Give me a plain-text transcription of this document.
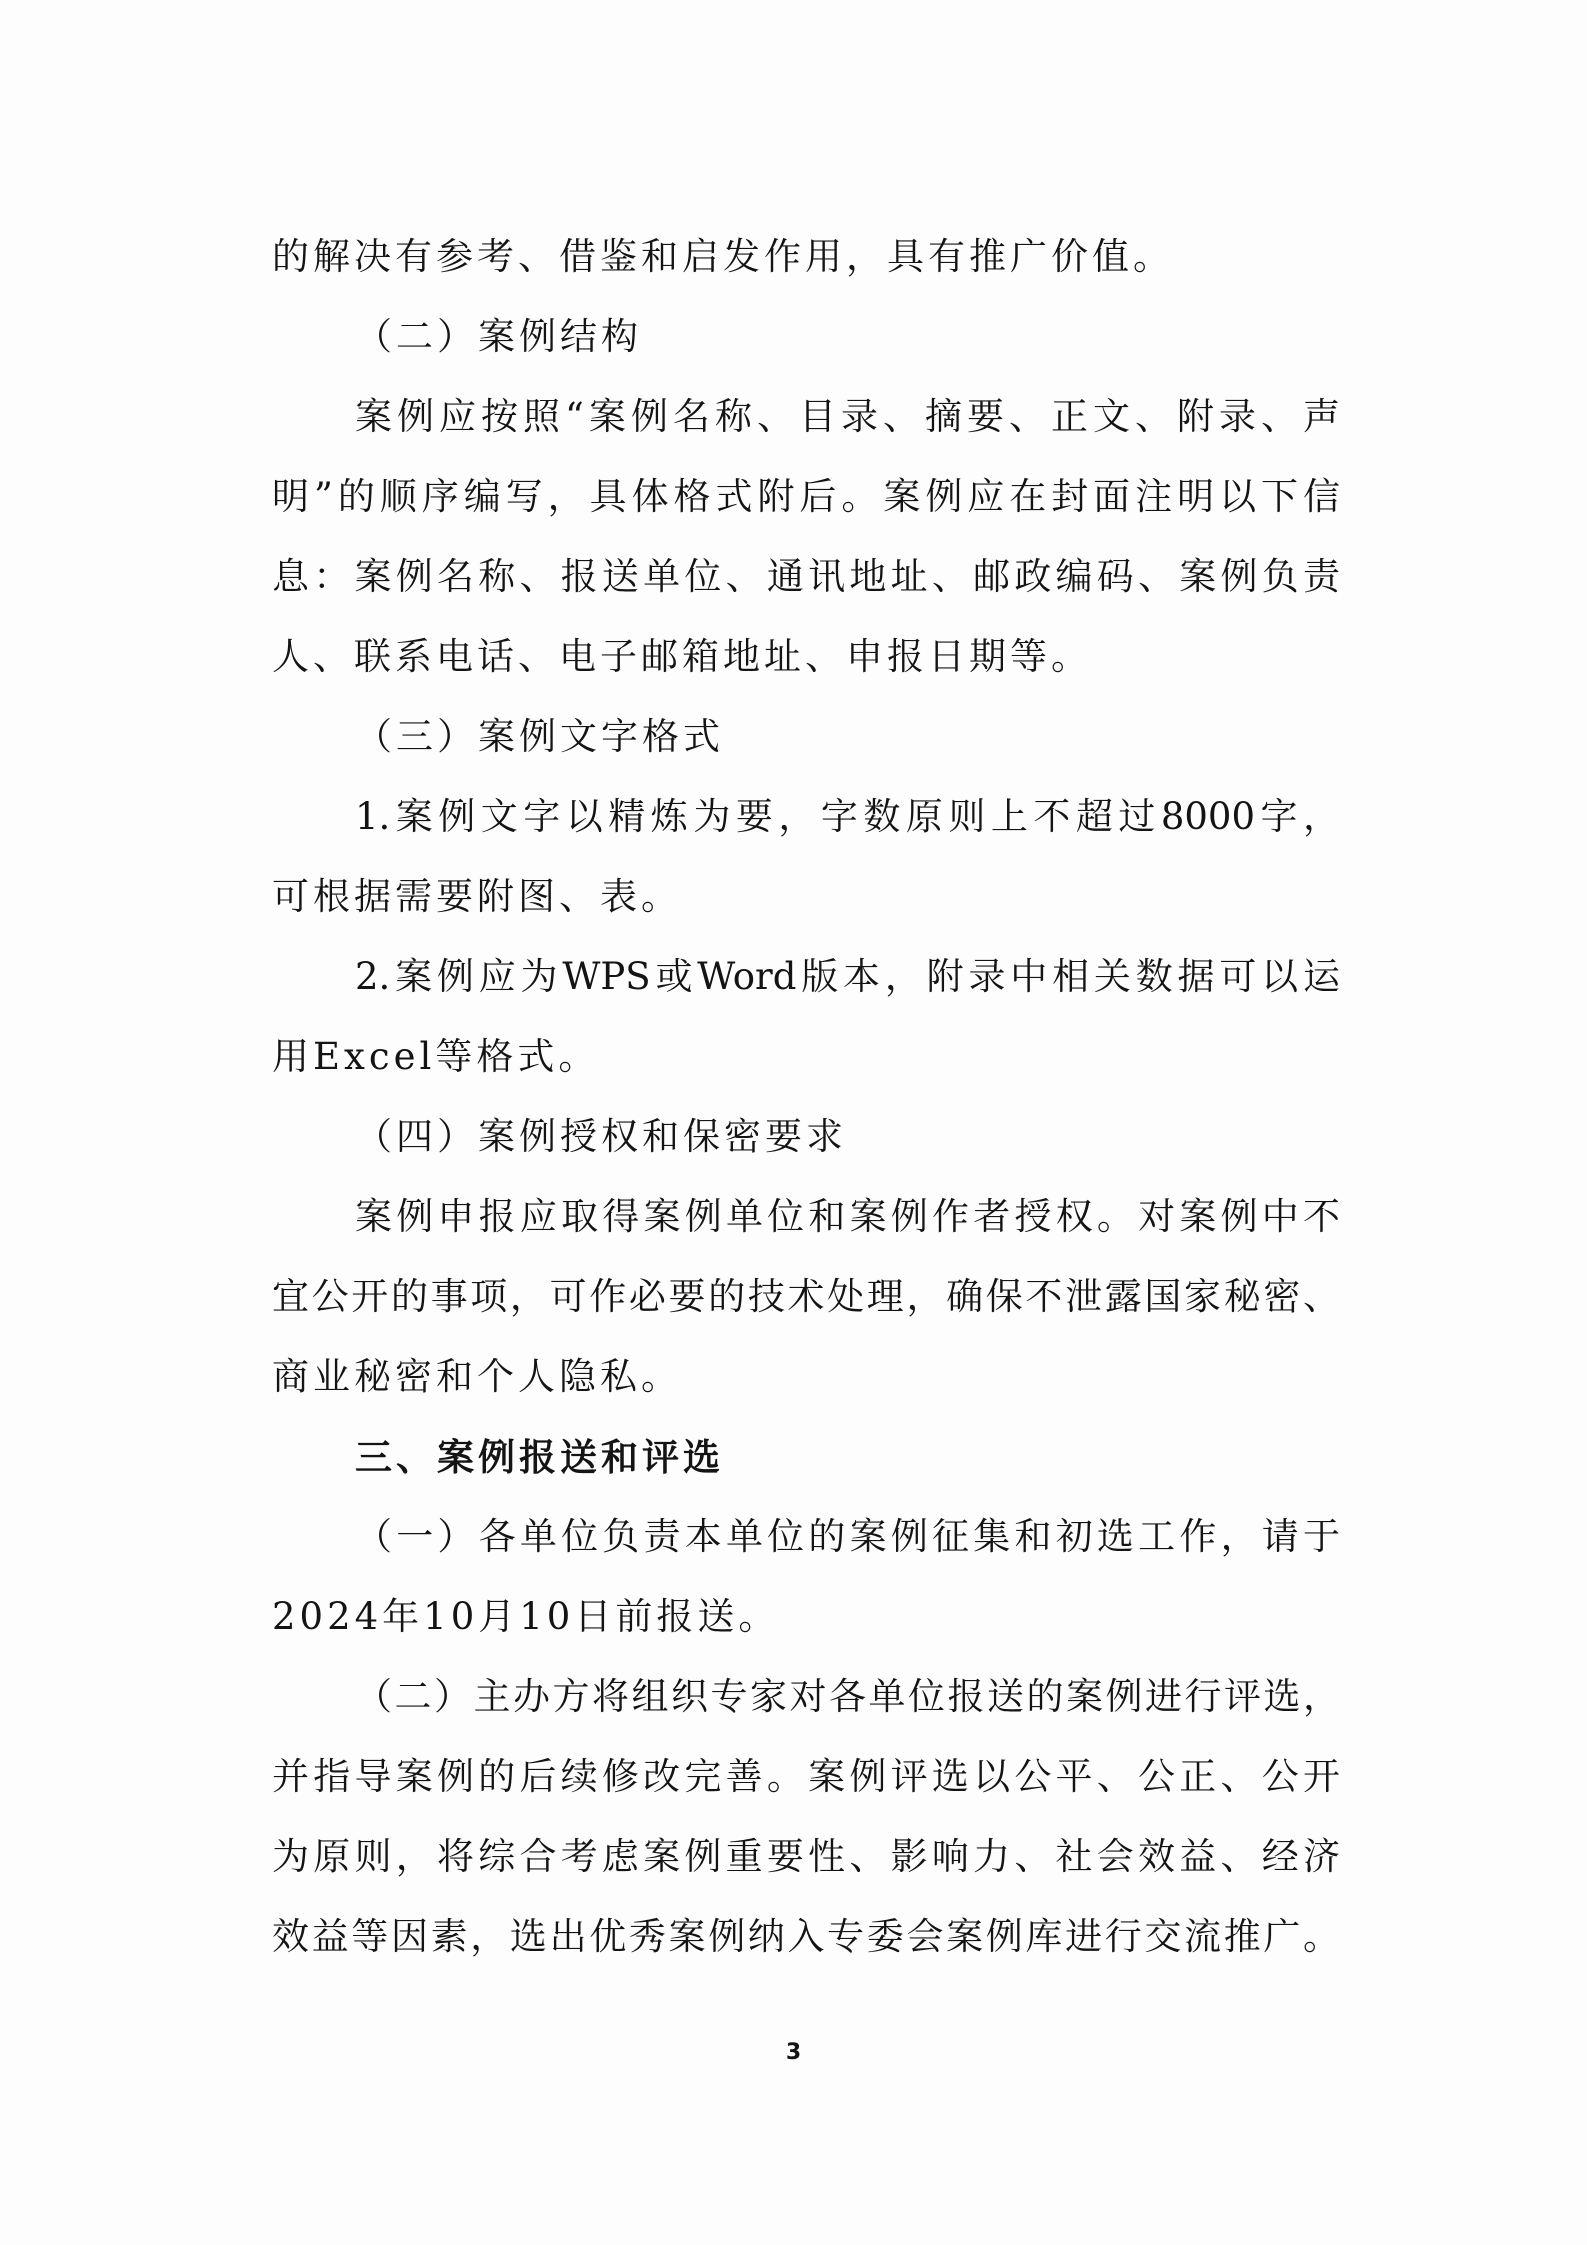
的解决有参考、借鉴和启发作用，具有推广价值。
（二）案例结构
案例应按照“案例名称、目录、摘要、正文、附录、声
明”的顺序编写，具体格式附后。案例应在封面注明以下信
息：案例名称、报送单位、通讯地址、邮政编码、案例负责
人、联系电话、电子邮箱地址、申报日期等。
（三）案例文字格式
1.案例文字以精炼为要，字数原则上不超过8000字，
可根据需要附图、表。
2.案例应为WPS或Word版本，附录中相关数据可以运
用Excel等格式。
（四）案例授权和保密要求
案例申报应取得案例单位和案例作者授权。对案例中不
宜公开的事项，可作必要的技术处理，确保不泄露国家秘密、
商业秘密和个人隐私。
三、案例报送和评选
（一）各单位负责本单位的案例征集和初选工作，请于
2024年10月10日前报送。
（二）主办方将组织专家对各单位报送的案例进行评选，
并指导案例的后续修改完善。案例评选以公平、公正、公开
为原则，将综合考虑案例重要性、影响力、社会效益、经济
效益等因素，选出优秀案例纳入专委会案例库进行交流推广。
3
